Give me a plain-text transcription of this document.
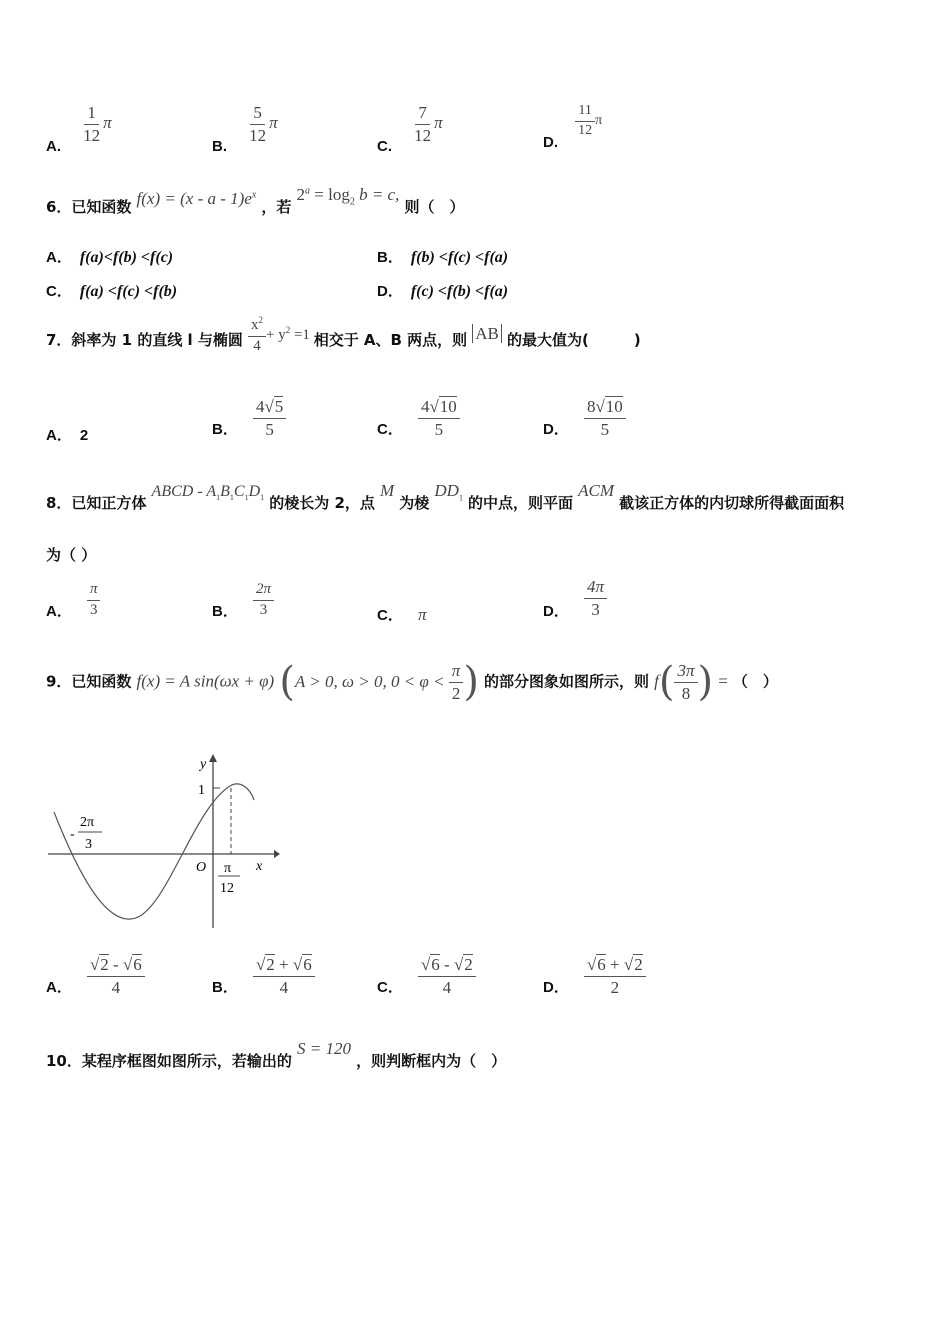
A.
$\frac{1}{12}$ π
B.
$\frac{5}{12}$ π
C.
$\frac{7}{12}$ π
D.
$\frac{11}{12}$ π
6．已知函数 $f(x) = (x - a - 1)e^x$ ，若 $2^a = \log_2 b = c$, 则（　）
A． f(a)<f(b) <f(c)	B． f(b) <f(c) <f(a)
C． f(a) <f(c) <f(b)	D． f(c) <f(b) <f(a)
7．斜率为 1 的直线 l 与椭圆 $\frac{x^2}{4} + y^2 =1$ 相交于 A、B 两点，则 AB 的最大值为(　　　)
A． 2	B． $\frac{4√5}{5}$	C． $\frac{4√10}{5}$	D． $\frac{8√10}{5}$
8．已知正方体 ABCD - $A_1B_1C_1D_1$ 的棱长为 2，点 M 为棱 $DD_1$ 的中点，则平面 ACM 截该正方体的内切球所得截面面积
为（ ）
A． $\frac{\pi}{3}$	B． $\frac{2\pi}{3}$	C． π	D． $\frac{4\pi}{3}$
9．已知函数 f(x) = A sin(ωx + φ) (A > 0, ω > 0, $0 < \varphi < \frac{\pi}{2}$ ) 的部分图象如图所示，则 $f( \frac{3\pi}{8}$ ) = （　）
y
x
O
1
-
2π
3
π
12
A． $\frac{√2 - √6}{4}$	B． $\frac{√2 + √6}{4}$	C． $\frac{√6 - √2}{4}$	D． $\frac{√6 + √2}{2}$
10．某程序框图如图所示，若输出的 S = 120 ，则判断框内为（　）
